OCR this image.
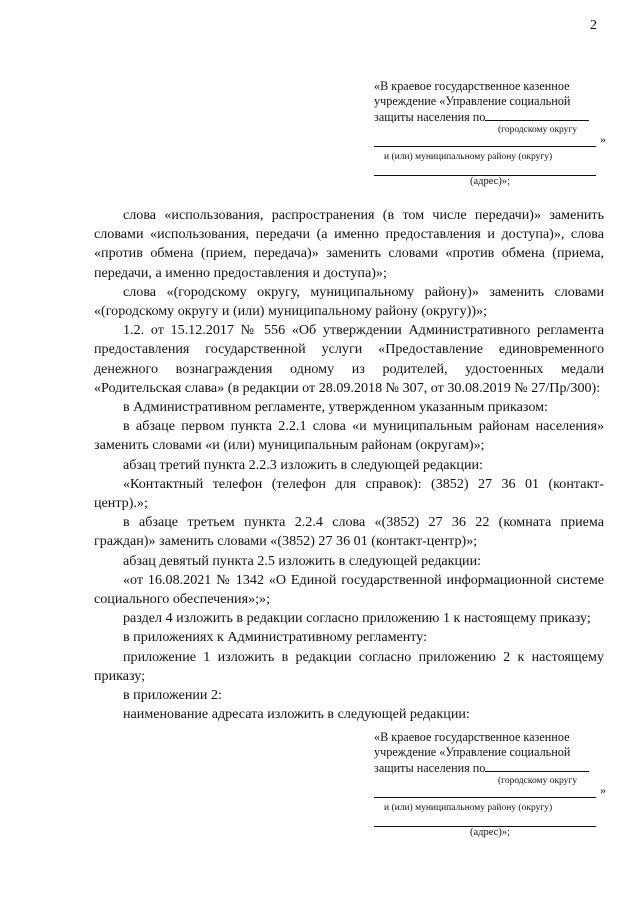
2
«В краевое государственное казенное
учреждение «Управление социальной
защиты населения по
(городскому округу
»
и (или) муниципальному району (округу)
(адрес)»;

слова «использования, распространения (в том числе передачи)» заменить словами «использования, передачи (а именно предоставления и доступа)», слова «против обмена (прием, передача)» заменить словами «против обмена (приема, передачи, а именно предоставления и доступа)»;

слова «(городскому округу, муниципальному району)» заменить словами «(городскому округу и (или) муниципальному району (округу))»;

1.2. от 15.12.2017 № 556 «Об утверждении Административного регламента предоставления государственной услуги «Предоставление единовременного денежного вознаграждения одному из родителей, удостоенных медали «Родительская слава» (в редакции от 28.09.2018 № 307, от 30.08.2019 № 27/Пр/300):

в Административном регламенте, утвержденном указанным приказом:

в абзаце первом пункта 2.2.1 слова «и муниципальным районам населения» заменить словами «и (или) муниципальным районам (округам)»;

абзац третий пункта 2.2.3 изложить в следующей редакции:

«Контактный телефон (телефон для справок): (3852) 27 36 01 (контакт-центр).»;

в абзаце третьем пункта 2.2.4 слова «(3852) 27 36 22 (комната приема граждан)» заменить словами «(3852) 27 36 01 (контакт-центр)»;

абзац девятый пункта 2.5 изложить в следующей редакции:

«от 16.08.2021 № 1342 «О Единой государственной информационной системе социального обеспечения»;»;

раздел 4 изложить в редакции согласно приложению 1 к настоящему приказу;

в приложениях к Административному регламенту:

приложение 1 изложить в редакции согласно приложению 2 к настоящему приказу;

в приложении 2:

наименование адресата изложить в следующей редакции:

«В краевое государственное казенное
учреждение «Управление социальной
защиты населения по
(городскому округу
»
и (или) муниципальному району (округу)
(адрес)»;
